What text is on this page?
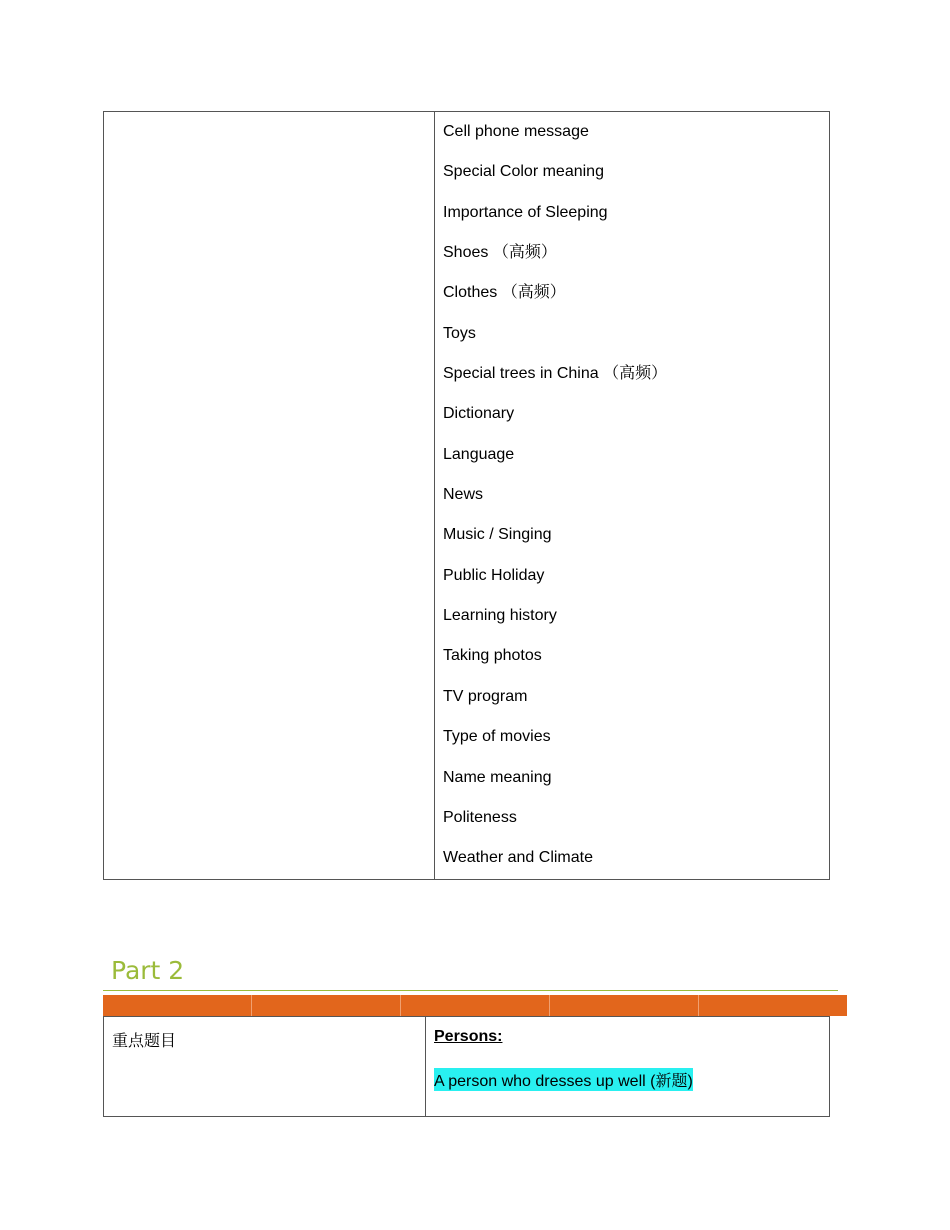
Cell phone message
Special Color meaning
Importance of Sleeping
Shoes （高频）
Clothes （高频）
Toys
Special trees in China （高频）
Dictionary
Language
News
Music / Singing
Public Holiday
Learning history
Taking photos
TV program
Type of movies
Name meaning
Politeness
Weather and Climate
Part 2
重点题目	Persons:
A person who dresses up well (新题)
